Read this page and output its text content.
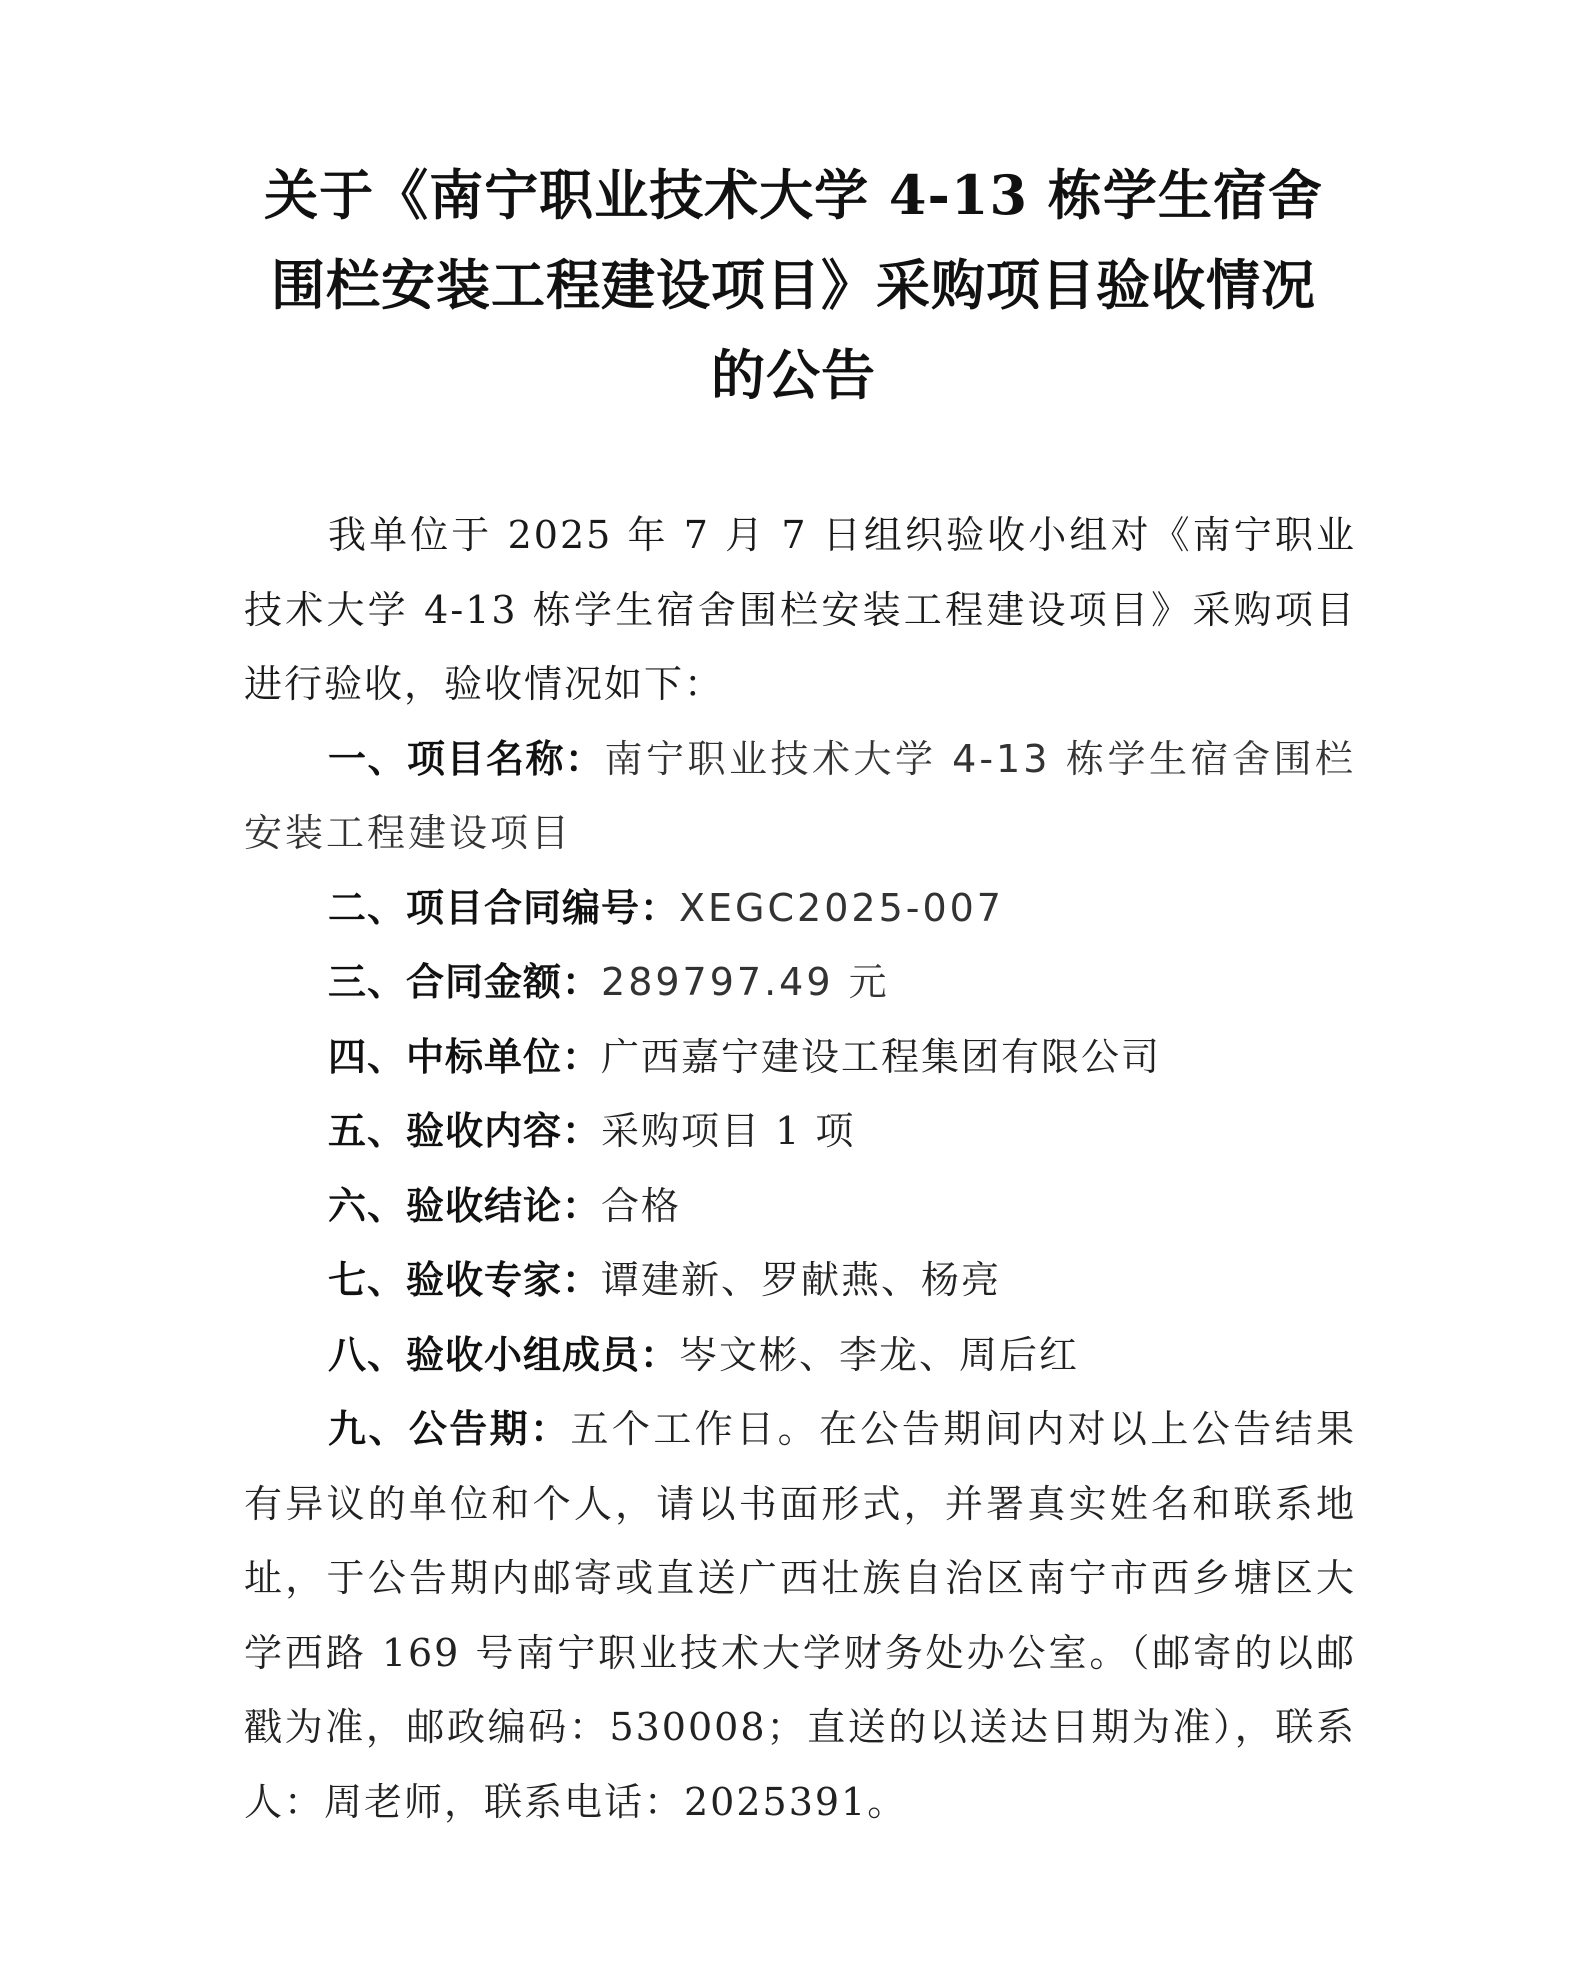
关于《南宁职业技术大学 4-13 栋学生宿舍
围栏安装工程建设项目》采购项目验收情况
的公告

我单位于 2025 年 7 月 7 日组织验收小组对《南宁职业技术大学 4-13 栋学生宿舍围栏安装工程建设项目》采购项目进行验收，验收情况如下：

一、项目名称：南宁职业技术大学 4-13 栋学生宿舍围栏安装工程建设项目

二、项目合同编号：XEGC2025-007

三、合同金额：289797.49 元

四、中标单位：广西嘉宁建设工程集团有限公司

五、验收内容：采购项目 1 项

六、验收结论：合格

七、验收专家：谭建新、罗献燕、杨亮

八、验收小组成员：岑文彬、李龙、周后红

九、公告期：五个工作日。在公告期间内对以上公告结果有异议的单位和个人，请以书面形式，并署真实姓名和联系地址，于公告期内邮寄或直送广西壮族自治区南宁市西乡塘区大学西路 169 号南宁职业技术大学财务处办公室。（邮寄的以邮戳为准，邮政编码：530008；直送的以送达日期为准），联系人：周老师，联系电话：2025391。
